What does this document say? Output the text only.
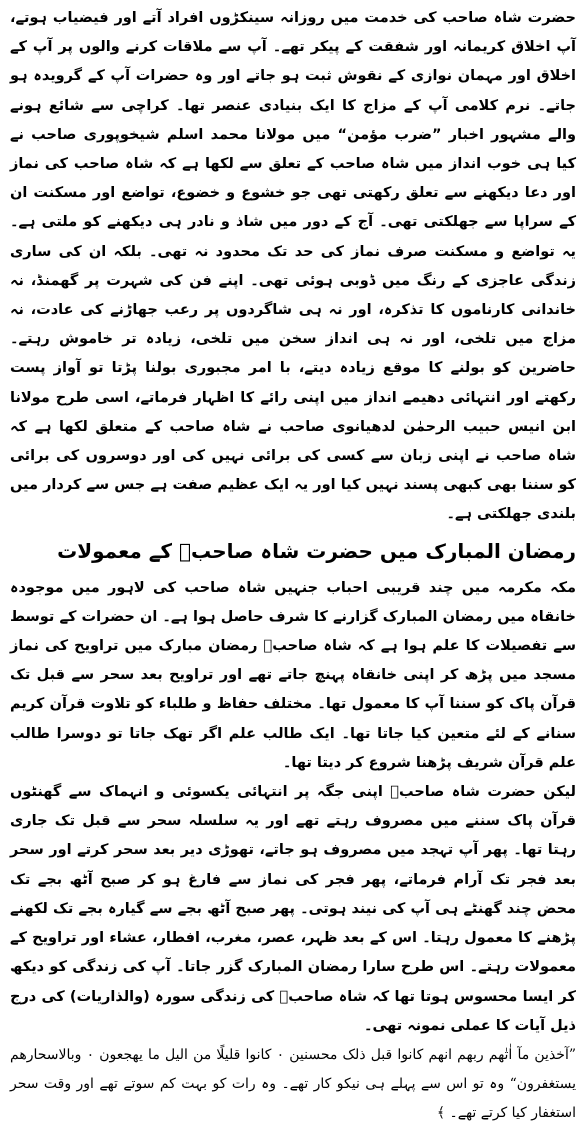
حضرت شاہ صاحب کی خدمت میں روزانہ سینکڑوں افراد آتے اور فیضیاب ہوتے، آپ اخلاق کریمانہ اور شفقت کے پیکر تھے۔ آپ سے ملاقات کرنے والوں پر آپ کے اخلاق اور مہمان نوازی کے نقوش ثبت ہو جاتے اور وہ حضرات آپ کے گرویدہ ہو جاتے۔ نرم کلامی آپ کے مزاج کا ایک بنیادی عنصر تھا۔ کراچی سے شائع ہونے والے مشہور اخبار ”ضرب مؤمن“ میں مولانا محمد اسلم شیخوپوری صاحب نے کیا ہی خوب انداز میں شاہ صاحب کے تعلق سے لکھا ہے کہ شاہ صاحب کی نماز اور دعا دیکھنے سے تعلق رکھتی تھی جو خشوع و خضوع، تواضع اور مسکنت ان کے سراپا سے جھلکتی تھی۔ آج کے دور میں شاذ و نادر ہی دیکھنے کو ملتی ہے۔ یہ تواضع و مسکنت صرف نماز کی حد تک محدود نہ تھی۔ بلکہ ان کی ساری زندگی عاجزی کے رنگ میں ڈوبی ہوئی تھی۔ اپنے فن کی شہرت پر گھمنڈ، نہ خاندانی کارناموں کا تذکرہ، اور نہ ہی شاگردوں پر رعب جھاڑنے کی عادت، نہ مزاج میں تلخی، اور نہ ہی انداز سخن میں تلخی، زیادہ تر خاموش رہتے۔ حاضرین کو بولنے کا موقع زیادہ دیتے، با امر مجبوری بولنا پڑتا تو آواز پست رکھتے اور انتہائی دھیمے انداز میں اپنی رائے کا اظہار فرماتے، اسی طرح مولانا ابن انیس حبیب الرحمٰن لدھیانوی صاحب نے شاہ صاحب کے متعلق لکھا ہے کہ شاہ صاحب نے اپنی زبان سے کسی کی برائی نہیں کی اور دوسروں کی برائی کو سننا بھی کبھی پسند نہیں کیا اور یہ ایک عظیم صفت ہے جس سے کردار میں بلندی جھلکتی ہے۔

رمضان المبارک میں حضرت شاہ صاحبؒ کے معمولات

مکہ مکرمہ میں چند قریبی احباب جنہیں شاہ صاحب کی لاہور میں موجودہ خانقاہ میں رمضان المبارک گزارنے کا شرف حاصل ہوا ہے۔ ان حضرات کے توسط سے تفصیلات کا علم ہوا ہے کہ شاہ صاحبؒ رمضان مبارک میں تراویح کی نماز مسجد میں پڑھ کر اپنی خانقاہ پہنچ جاتے تھے اور تراویح بعد سحر سے قبل تک قرآن پاک کو سننا آپ کا معمول تھا۔ مختلف حفاظ و طلباء کو تلاوت قرآن کریم سنانے کے لئے متعین کیا جاتا تھا۔ ایک طالب علم اگر تھک جاتا تو دوسرا طالب علم قرآن شریف پڑھنا شروع کر دیتا تھا۔

لیکن حضرت شاہ صاحبؒ اپنی جگہ پر انتہائی یکسوئی و انہماک سے گھنٹوں قرآن پاک سننے میں مصروف رہتے تھے اور یہ سلسلہ سحر سے قبل تک جاری رہتا تھا۔ پھر آپ تہجد میں مصروف ہو جاتے، تھوڑی دیر بعد سحر کرتے اور سحر بعد فجر تک آرام فرماتے، پھر فجر کی نماز سے فارغ ہو کر صبح آٹھ بجے تک محض چند گھنٹے ہی آپ کی نیند ہوتی۔ پھر صبح آٹھ بجے سے گیارہ بجے تک لکھنے پڑھنے کا معمول رہتا۔ اس کے بعد ظہر، عصر، مغرب، افطار، عشاء اور تراویح کے معمولات رہتے۔ اس طرح سارا رمضان المبارک گزر جاتا۔ آپ کی زندگی کو دیکھ کر ایسا محسوس ہوتا تھا کہ شاہ صاحبؒ کی زندگی سورہ (والذاریات) کی درج ذیل آیات کا عملی نمونہ تھی۔

”آخذین مآ اٰتٰھم ربھم انھم کانوا قبل ذلک محسنین ۰ کانوا قلیلًا من الیل ما یھجعون ۰ وبالاسحارھم یستغفرون“ وہ تو اس سے پہلے ہی نیکو کار تھے۔ وہ رات کو بہت کم سوتے تھے اور وقت سحر استغفار کیا کرتے تھے۔ ﴾
